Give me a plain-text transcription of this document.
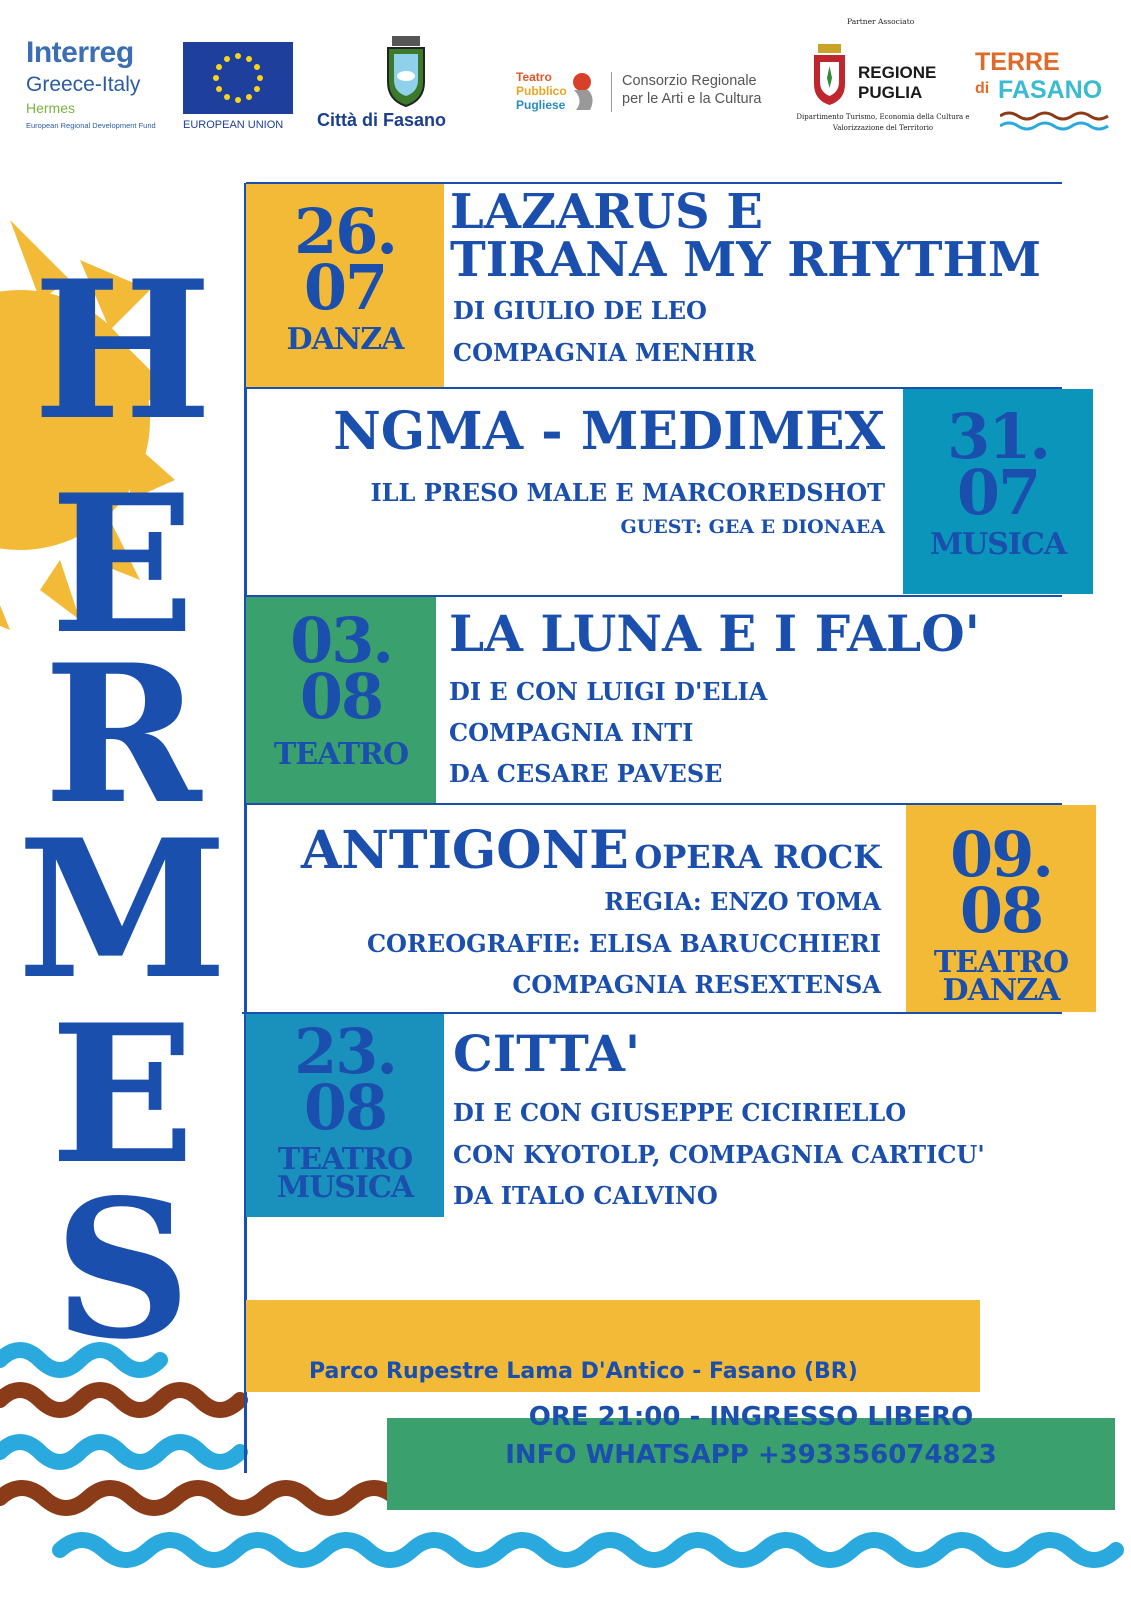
Interreg
Greece-Italy
Hermes
European Regional Development Fund EUROPEAN UNION Città di Fasano
Teatro
Pubblico
Pugliese
Consorzio Regionale
per le Arti e la Cultura
Partner Associato
REGIONE
PUGLIA
Dipartimento Turismo, Economia della Cultura e Valorizzazione del Territorio
TERRE
di FASANO
H
E
R
M
E
S
26.
07
DANZA
LAZARUS E
TIRANA MY RHYTHM
DI GIULIO DE LEO
COMPAGNIA MENHIR
31.
07
MUSICA
NGMA - MEDIMEX
ILL PRESO MALE E MARCOREDSHOT
GUEST: GEA E DIONAEA
03.
08
TEATRO
LA LUNA E I FALO'
DI E CON LUIGI D'ELIA
COMPAGNIA INTI
DA CESARE PAVESE
09.
08
TEATRO
DANZA
ANTIGONE OPERA ROCK
REGIA: ENZO TOMA
COREOGRAFIE: ELISA BARUCCHIERI
COMPAGNIA RESEXTENSA
23.
08
TEATRO
MUSICA
CITTA'
DI E CON GIUSEPPE CICIRIELLO
CON KYOTOLP, COMPAGNIA CARTICU'
DA ITALO CALVINO
Parco Rupestre Lama D'Antico - Fasano (BR)
ORE 21:00 - INGRESSO LIBERO
INFO WHATSAPP +393356074823
